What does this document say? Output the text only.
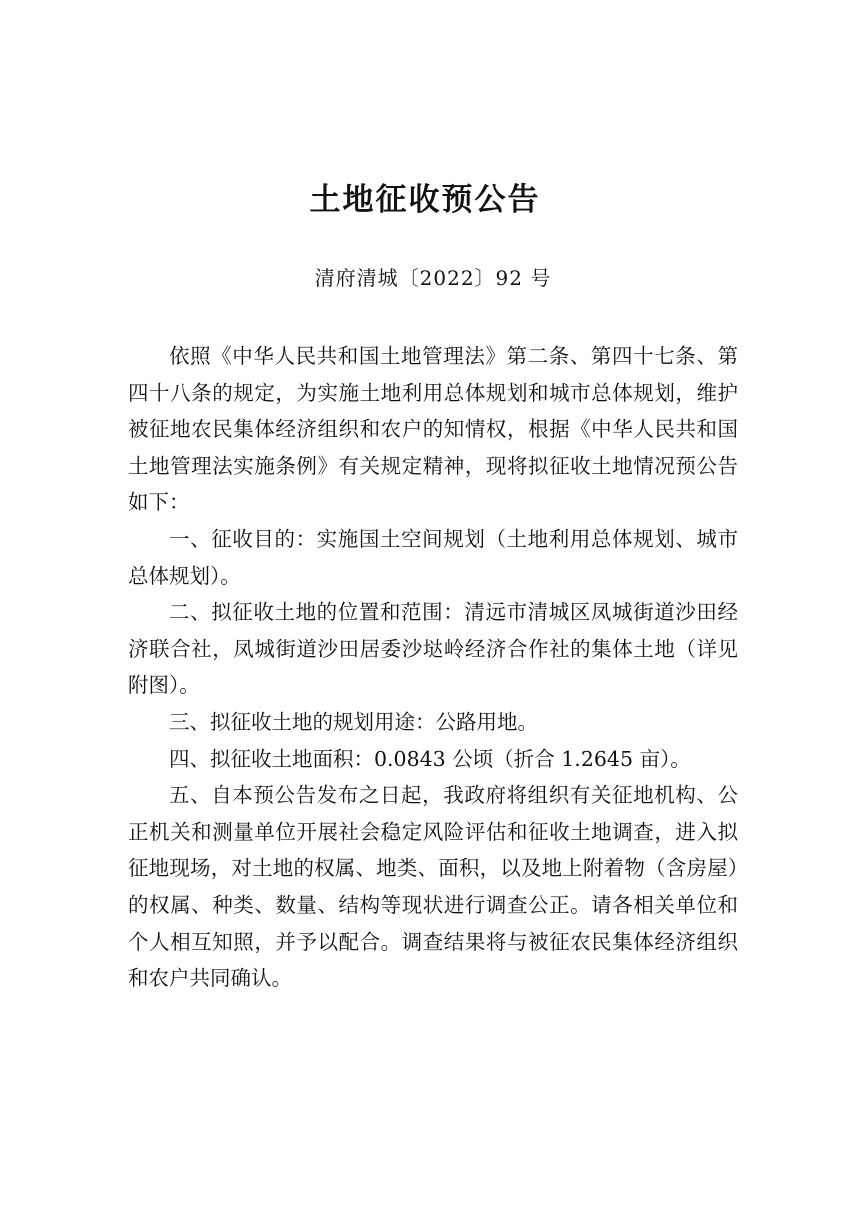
土地征收预公告
清府清城〔2022〕92 号

依照《中华人民共和国土地管理法》第二条、第四十七条、第四十八条的规定，为实施土地利用总体规划和城市总体规划，维护被征地农民集体经济组织和农户的知情权，根据《中华人民共和国土地管理法实施条例》有关规定精神，现将拟征收土地情况预公告如下：

一、征收目的：实施国土空间规划（土地利用总体规划、城市总体规划）。

二、拟征收土地的位置和范围：清远市清城区凤城街道沙田经济联合社，凤城街道沙田居委沙垯岭经济合作社的集体土地（详见附图）。

三、拟征收土地的规划用途：公路用地。

四、拟征收土地面积：0.0843 公顷（折合 1.2645 亩）。

五、自本预公告发布之日起，我政府将组织有关征地机构、公正机关和测量单位开展社会稳定风险评估和征收土地调查，进入拟征地现场，对土地的权属、地类、面积，以及地上附着物（含房屋）的权属、种类、数量、结构等现状进行调查公正。请各相关单位和个人相互知照，并予以配合。调查结果将与被征农民集体经济组织和农户共同确认。
